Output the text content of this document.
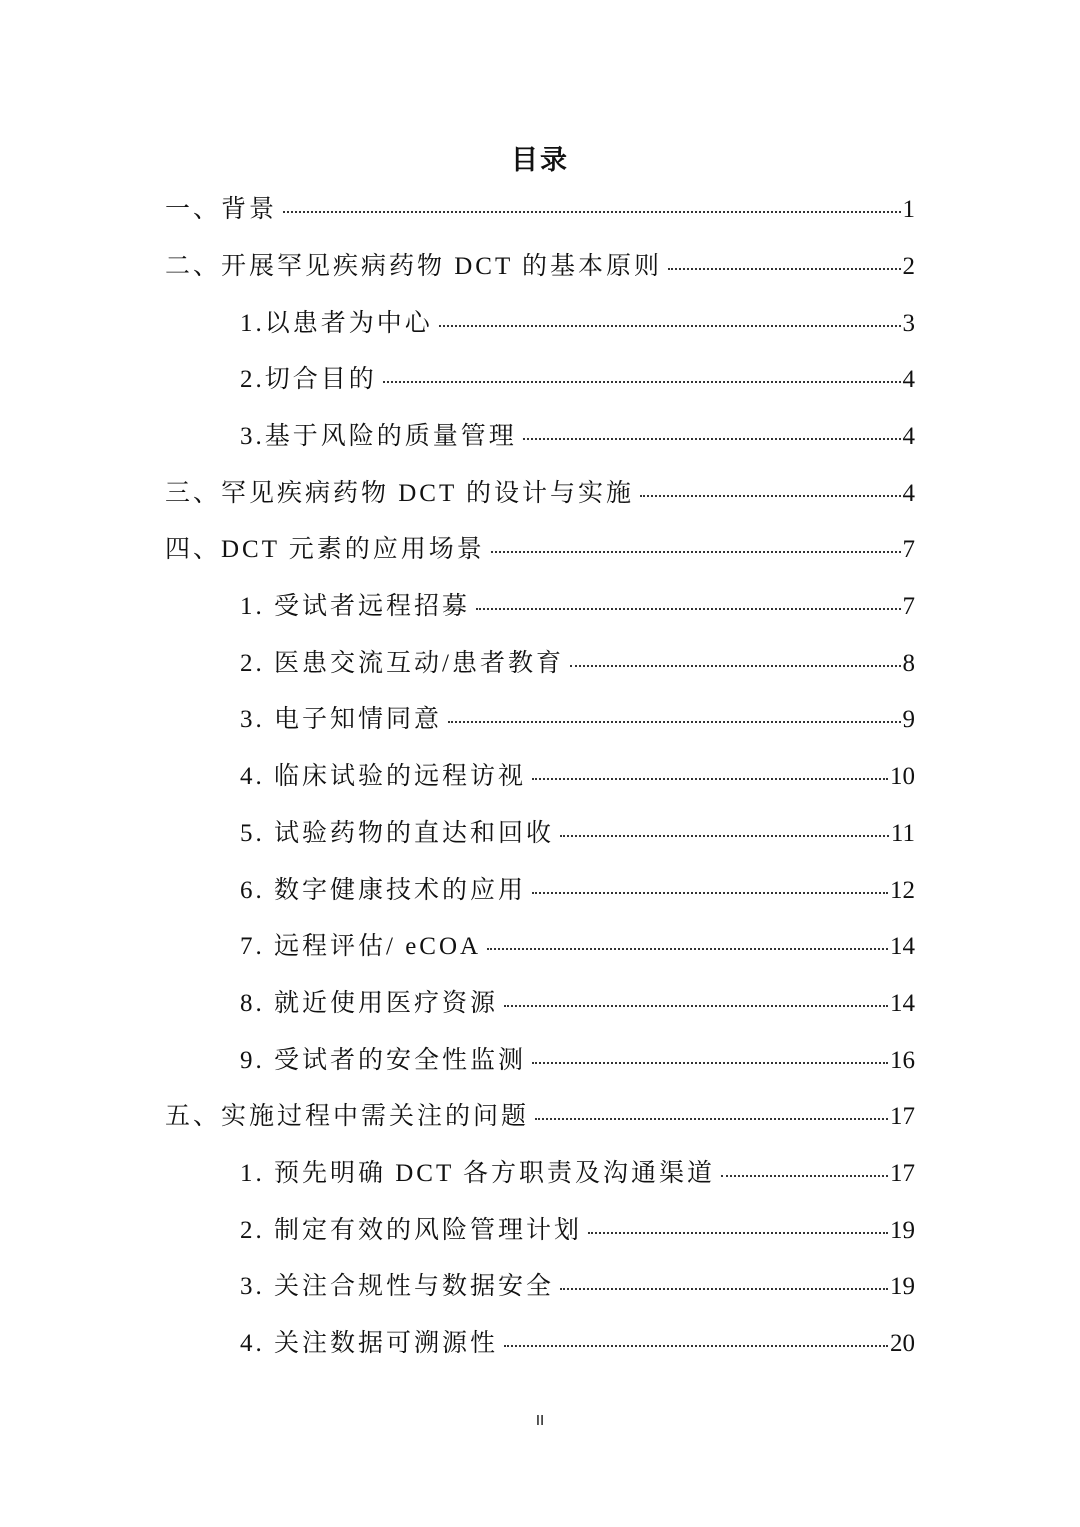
目录
一、背景	1
二、开展罕见疾病药物 DCT 的基本原则	2
1.以患者为中心	3
2.切合目的	4
3.基于风险的质量管理	4
三、罕见疾病药物 DCT 的设计与实施	4
四、DCT 元素的应用场景	7
1. 受试者远程招募	7
2. 医患交流互动/患者教育	8
3. 电子知情同意	9
4. 临床试验的远程访视	10
5. 试验药物的直达和回收	11
6. 数字健康技术的应用	12
7. 远程评估/ eCOA	14
8. 就近使用医疗资源	14
9. 受试者的安全性监测	16
五、实施过程中需关注的问题	17
1. 预先明确 DCT 各方职责及沟通渠道	17
2. 制定有效的风险管理计划	19
3. 关注合规性与数据安全	19
4. 关注数据可溯源性	20
II
